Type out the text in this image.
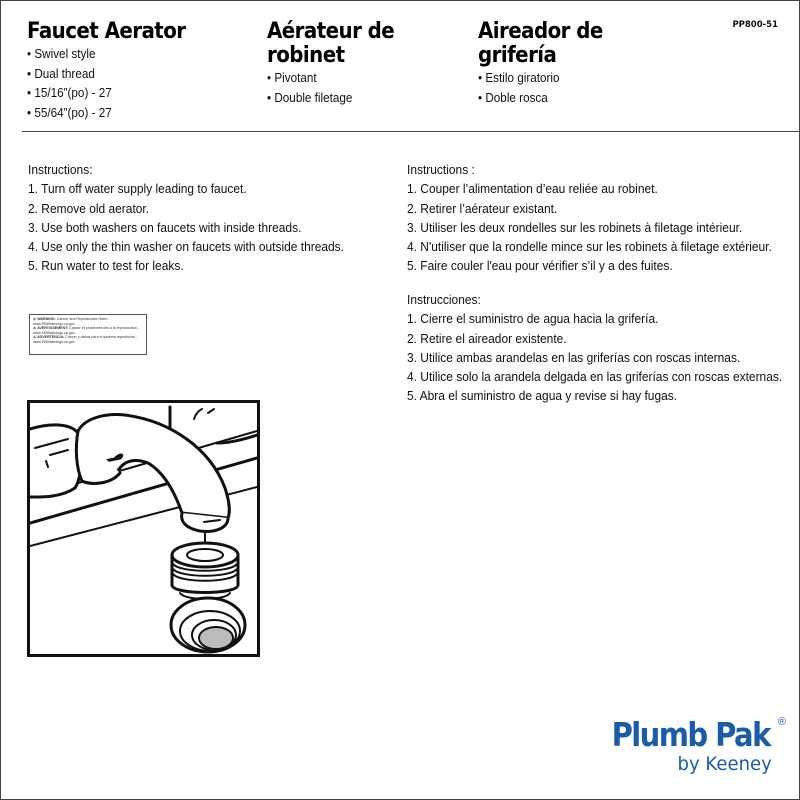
Faucet Aerator
• Swivel style
• Dual thread
• 15/16”(po) - 27
• 55/64”(po) - 27
Aérateur de
robinet
• Pivotant
• Double filetage
Aireador de
grifería
• Estilo giratorio
• Doble rosca
PP800-51
Instructions:
1. Turn off water supply leading to faucet.
2. Remove old aerator.
3. Use both washers on faucets with inside threads.
4. Use only the thin washer on faucets with outside threads.
5. Run water to test for leaks.
Instructions :
1. Couper l’alimentation d’eau reliée au robinet.
2. Retirer l’aérateur existant.
3. Utiliser les deux rondelles sur les robinets à filetage intérieur.
4. N'utiliser que la rondelle mince sur les robinets à filetage extérieur.
5. Faire couler l'eau pour vérifier s’il y a des fuites.
Instrucciones:
1. Cierre el suministro de agua hacia la grifería.
2. Retire el aireador existente.
3. Utilice ambas arandelas en las griferías con roscas internas.
4. Utilice solo la arandela delgada en las griferías con roscas externas.
5. Abra el suministro de agua y revise si hay fugas.
⚠ WARNING: Cancer and Reproductive Harm - www.P65Warnings.ca.gov
⚠ AVERTISSEMENT: Cancer et problèmes liés à la reproduction - www.P65Warnings.ca.gov
⚠ ADVERTENCIA: Cáncer y daños para el sistema reproductor - www.P65Warnings.ca.gov
Plumb Pak ®
by Keeney
